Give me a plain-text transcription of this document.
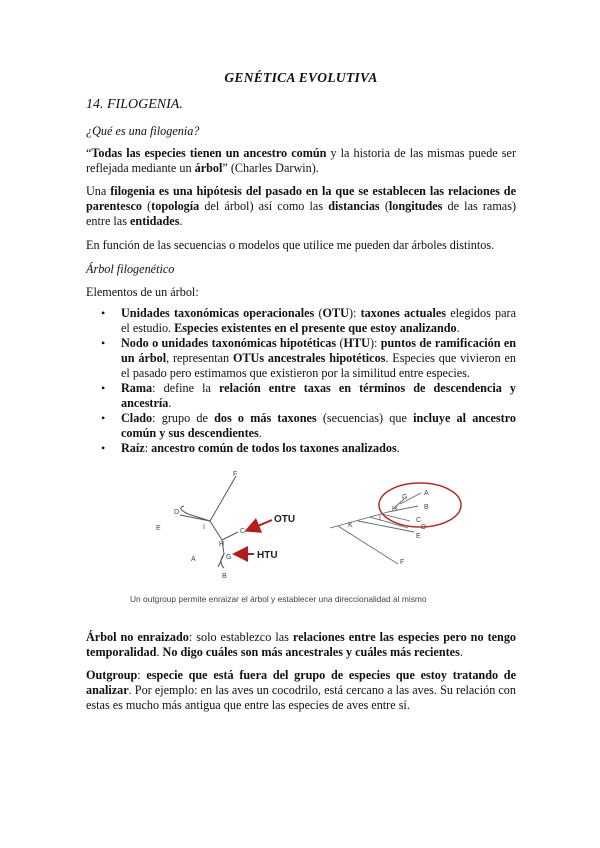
GENÉTICA EVOLUTIVA
14. FILOGENIA.
¿Qué es una filogenia?
“Todas las especies tienen un ancestro común y la historia de las mismas puede ser reflejada mediante un árbol” (Charles Darwin).
Una filogenia es una hipótesis del pasado en la que se establecen las relaciones de parentesco (topología del árbol) así como las distancias (longitudes de las ramas) entre las entidades.
En función de las secuencias o modelos que utilice me pueden dar árboles distintos.
Árbol filogenético
Elementos de un árbol:
• Unidades taxonómicas operacionales (OTU): taxones actuales elegidos para el estudio. Especies existentes en el presente que estoy analizando.
• Nodo o unidades taxonómicas hipotéticas (HTU): puntos de ramificación en un árbol, representan OTUs ancestrales hipotéticos. Especies que vivieron en el pasado pero estimamos que existieron por la similitud entre especies.
• Rama: define la relación entre taxas en términos de descendencia y ancestría.
• Clado: grupo de dos o más taxones (secuencias) que incluye al ancestro común y sus descendientes.
• Raíz: ancestro común de todos los taxones analizados.
Árbol no enraizado: solo establezco las relaciones entre las especies pero no tengo temporalidad. No digo cuáles son más ancestrales y cuáles más recientes.
Outgroup: especie que está fuera del grupo de especies que estoy tratando de analizar. Por ejemplo: en las aves un cocodrilo, está cercano a las aves. Su relación con estas es mucho más antigua que entre las especies de aves entre sí.
F
D
E	I
H
C
A	G
B
OTU
HTU
G
A
H	B
K
I	C
D
E
F
Un outgroup permite enraizar el árbol y establecer una direccionalidad al mismo
